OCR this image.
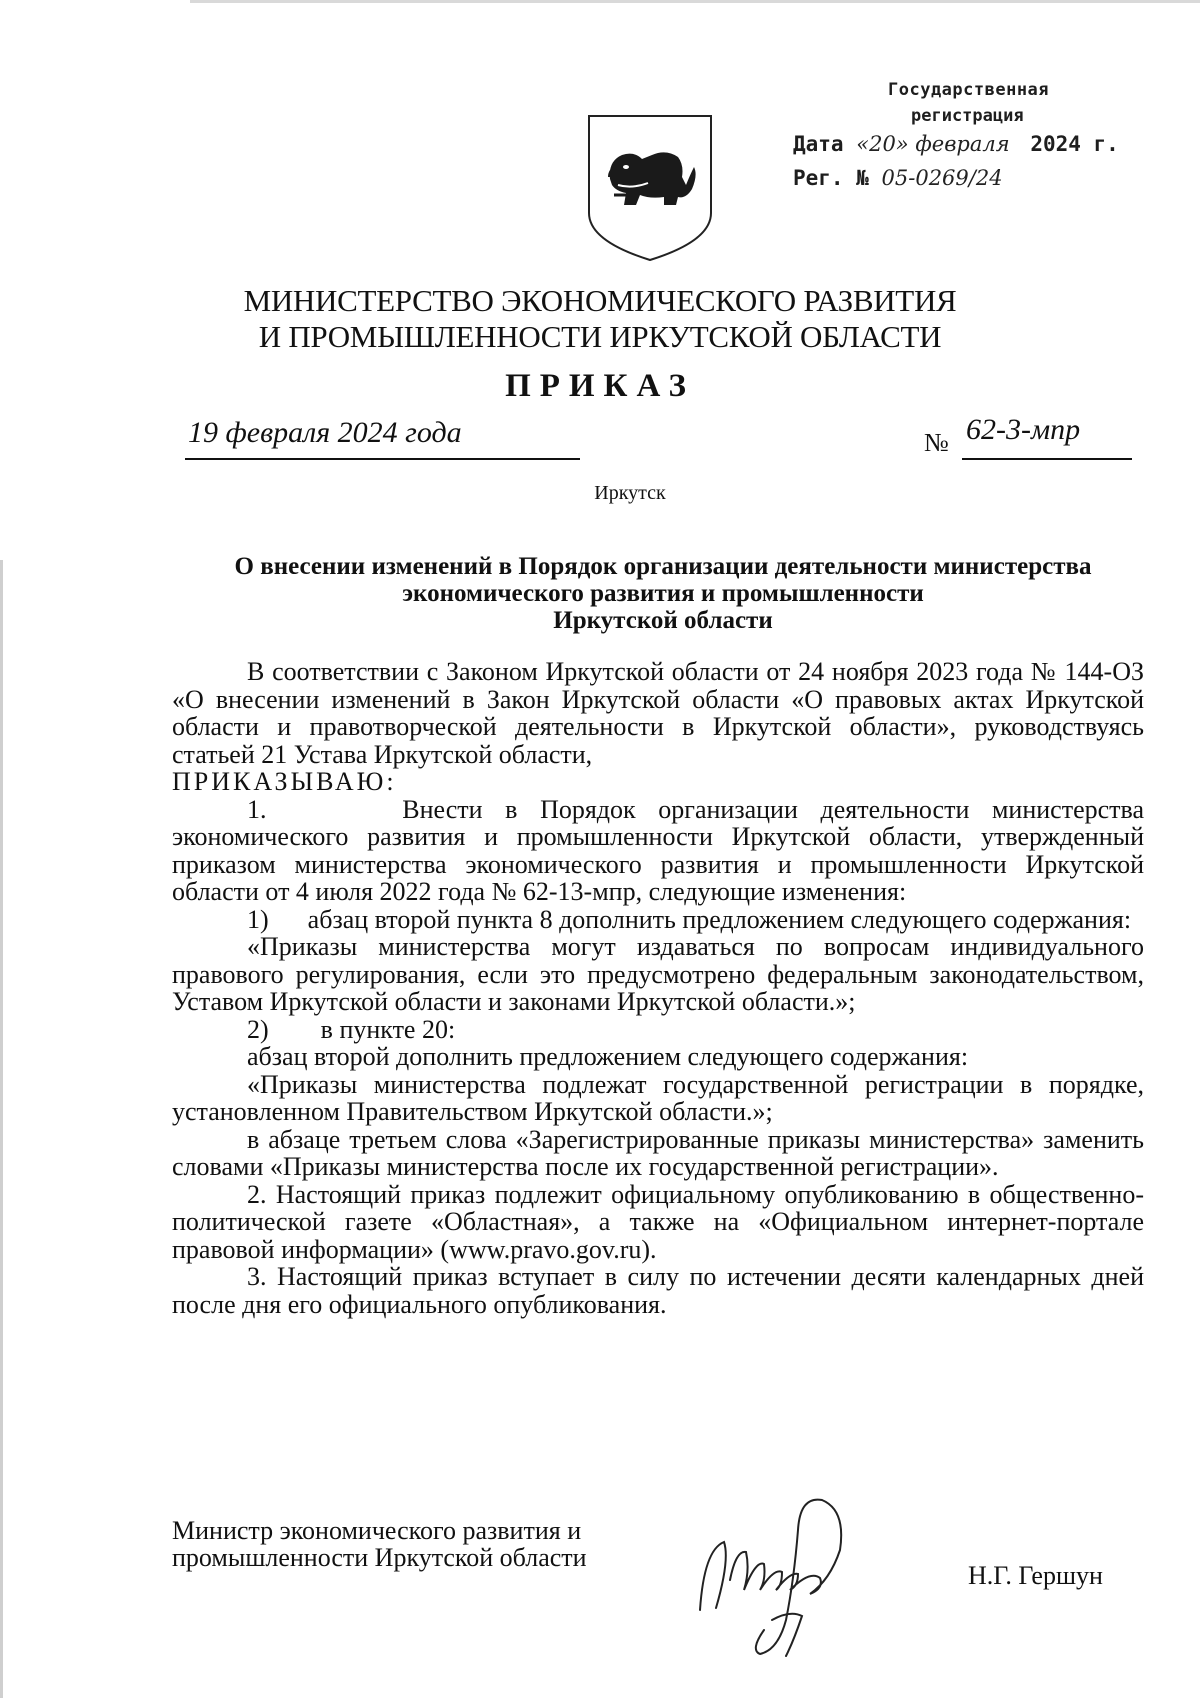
Государственная
регистрация
Дата «20» февраля 2024 г.
Рег. № 05-0269/24
МИНИСТЕРСТВО ЭКОНОМИЧЕСКОГО РАЗВИТИЯ
И ПРОМЫШЛЕННОСТИ ИРКУТСКОЙ ОБЛАСТИ
ПРИКАЗ
19 февраля 2024 года	№ 62-3-мпр
Иркутск
О внесении изменений в Порядок организации деятельности министерства
экономического развития и промышленности
Иркутской области

В соответствии с Законом Иркутской области от 24 ноября 2023 года № 144-ОЗ «О внесении изменений в Закон Иркутской области «О правовых актах Иркутской области и правотворческой деятельности в Иркутской области», руководствуясь статьей 21 Устава Иркутской области,

ПРИКАЗЫВАЮ:

1.	Внести в Порядок организации деятельности министерства экономического развития и промышленности Иркутской области, утвержденный приказом министерства экономического развития и промышленности Иркутской области от 4 июля 2022 года № 62-13-мпр, следующие изменения:

1) абзац второй пункта 8 дополнить предложением следующего содержания:

«Приказы министерства могут издаваться по вопросам индивидуального правового регулирования, если это предусмотрено федеральным законодательством, Уставом Иркутской области и законами Иркутской области.»;

2) в пункте 20:

абзац второй дополнить предложением следующего содержания:

«Приказы министерства подлежат государственной регистрации в порядке, установленном Правительством Иркутской области.»;

в абзаце третьем слова «Зарегистрированные приказы министерства» заменить словами «Приказы министерства после их государственной регистрации».

2. Настоящий приказ подлежит официальному опубликованию в общественно-политической газете «Областная», а также на «Официальном интернет-портале правовой информации» (www.pravo.gov.ru).

3. Настоящий приказ вступает в силу по истечении десяти календарных дней после дня его официального опубликования.

Министр экономического развития и
промышленности Иркутской области
Н.Г. Гершун
